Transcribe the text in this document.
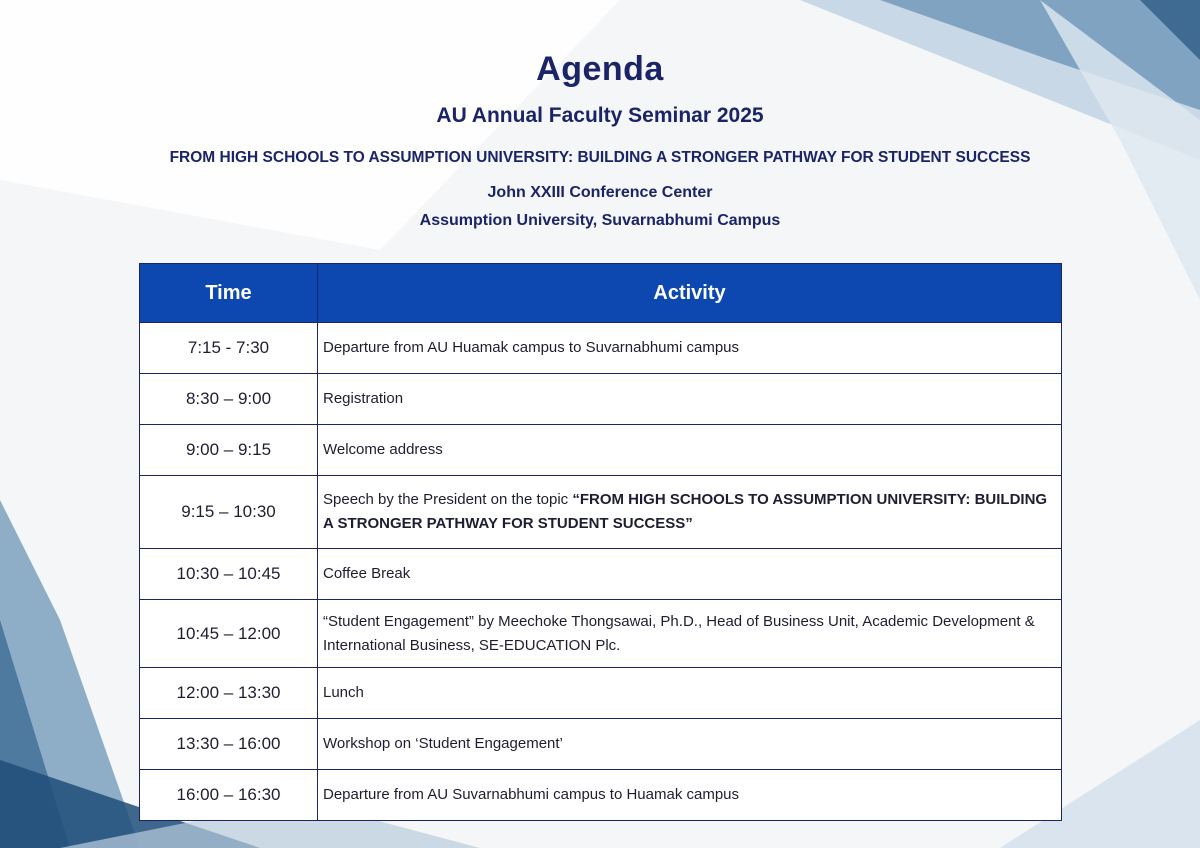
Agenda
AU Annual Faculty Seminar 2025
FROM HIGH SCHOOLS TO ASSUMPTION UNIVERSITY: BUILDING A STRONGER PATHWAY FOR STUDENT SUCCESS
John XXIII Conference Center
Assumption University, Suvarnabhumi Campus
Time	Activity
7:15 - 7:30	Departure from AU Huamak campus to Suvarnabhumi campus
8:30 – 9:00	Registration
9:00 – 9:15	Welcome address
9:15 – 10:30	Speech by the President on the topic “FROM HIGH SCHOOLS TO ASSUMPTION UNIVERSITY: BUILDING A STRONGER PATHWAY FOR STUDENT SUCCESS”
10:30 – 10:45	Coffee Break
10:45 – 12:00	“Student Engagement” by Meechoke Thongsawai, Ph.D., Head of Business Unit, Academic Development & International Business, SE-EDUCATION Plc.
12:00 – 13:30	Lunch
13:30 – 16:00	Workshop on ‘Student Engagement’
16:00 – 16:30	Departure from AU Suvarnabhumi campus to Huamak campus
